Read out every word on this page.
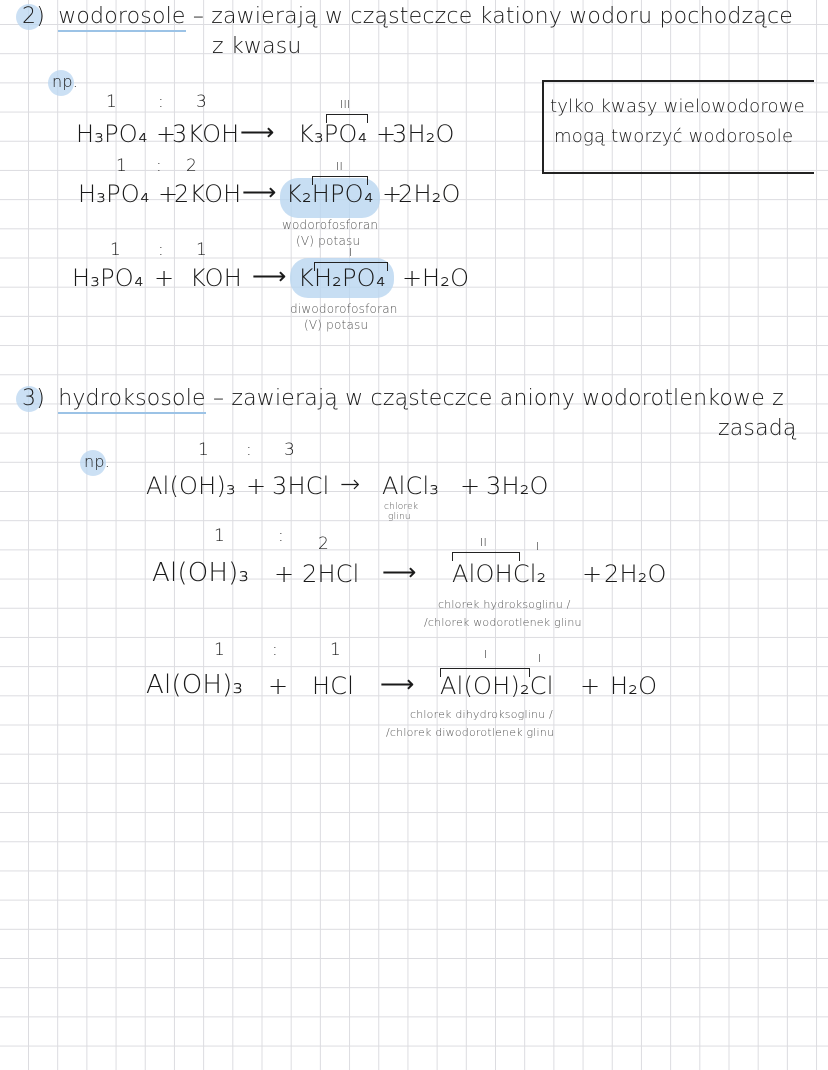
2) wodorosole – zawierają w cząsteczce kationy wodoru pochodzące
z kwasu
np.
tylko kwasy wielowodorowe
mogą tworzyć wodorosole
1 : 3
H₃PO₄ +
3KOH ⟶
III
K₃PO₄ +
3H₂O
1 : 2
H₃PO₄ +
2KOH ⟶
II
K₂HPO₄ +
2H₂O
wodorofosforan
(V) potasu
1 : 1
H₃PO₄ + KOH ⟶
I
KH₂PO₄ + H₂O
diwodorofosforan
(V) potasu
3) hydroksosole – zawierają w cząsteczce aniony wodorotlenkowe z
zasadą
np.
1 : 3
Al(OH)₃ + 3HCl → AlCl₃ + 3H₂O
chlorek
glinu
1	: 2
Al(OH)₃ + 2HCl ⟶
II	I
AlOHCl₂ + 2H₂O
chlorek hydroksoglinu /
/chlorek wodorotlenek glinu
1	:	1
Al(OH)₃ + HCl ⟶
I	I
Al(OH)₂Cl + H₂O
chlorek dihydroksoglinu /
/chlorek diwodorotlenek glinu
